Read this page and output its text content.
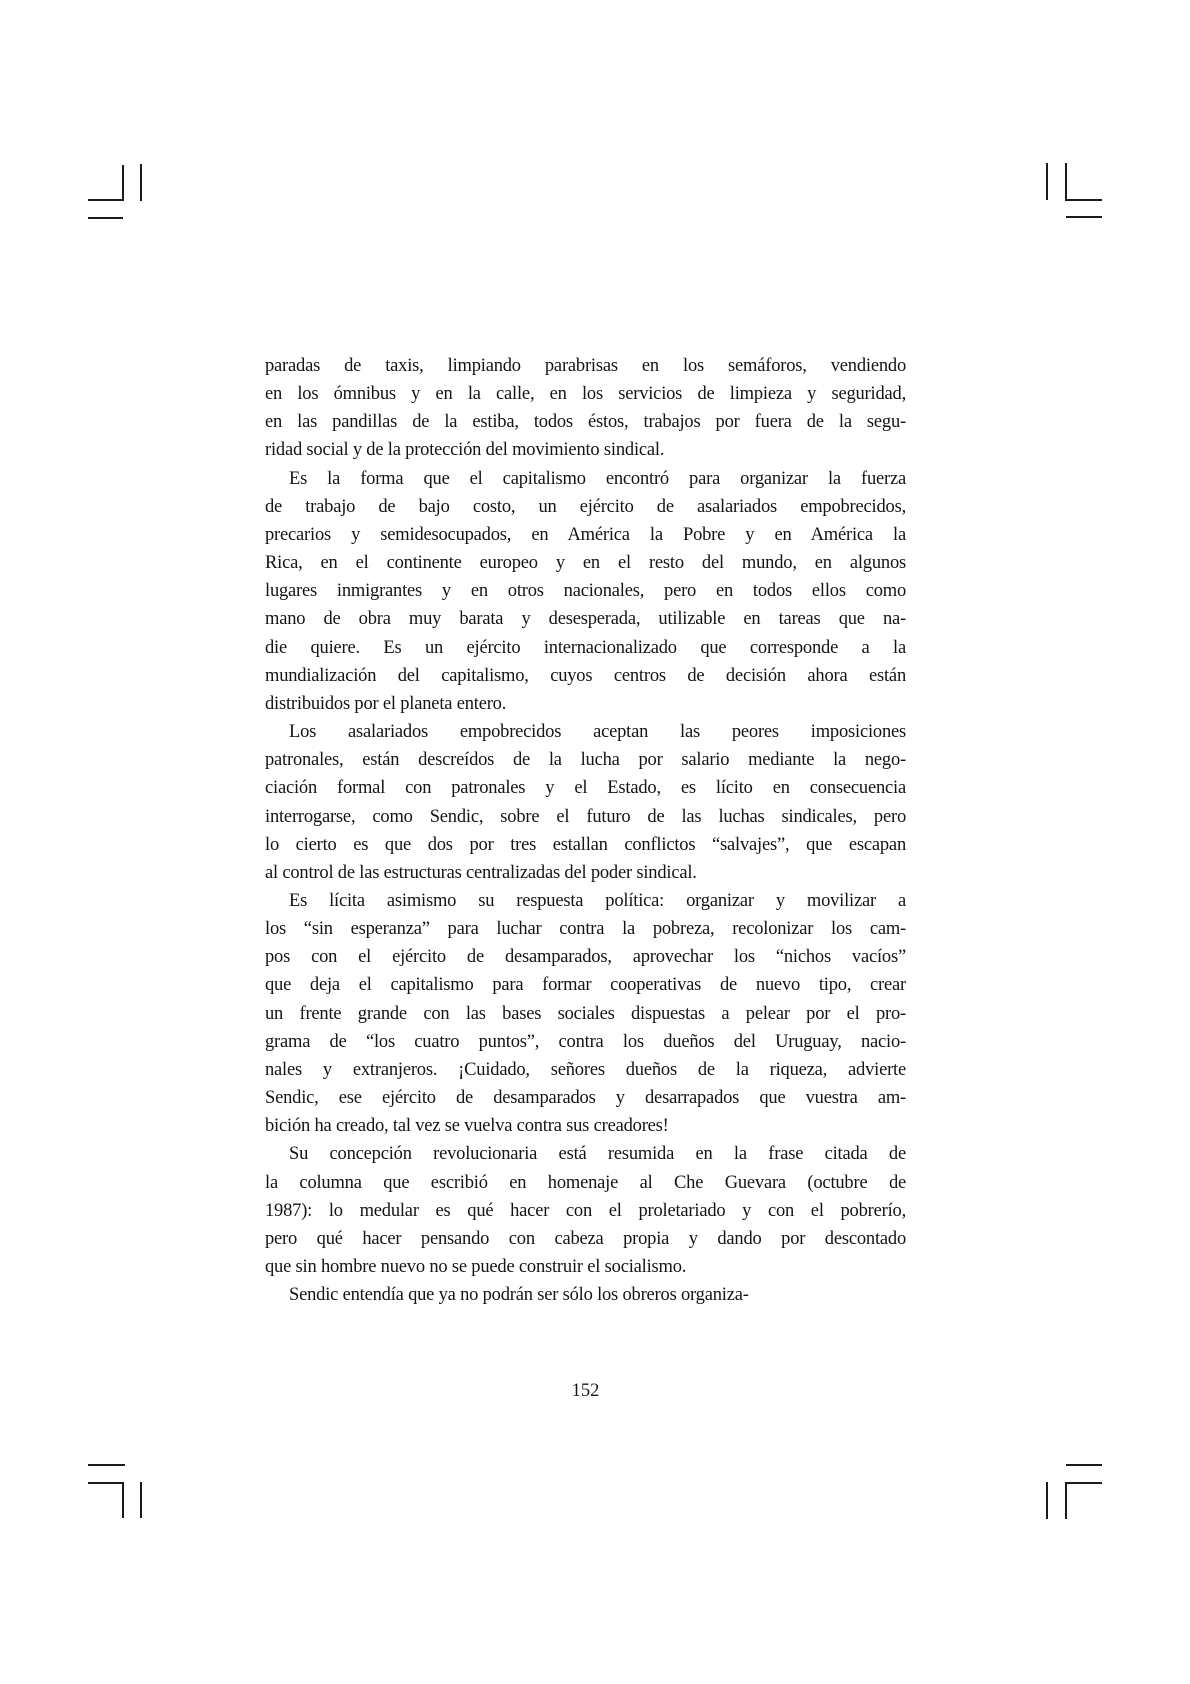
paradas de taxis, limpiando parabrisas en los semáforos, vendiendo
en los ómnibus y en la calle, en los servicios de limpieza y seguridad,
en las pandillas de la estiba, todos éstos, trabajos por fuera de la segu-
ridad social y de la protección del movimiento sindical.
Es la forma que el capitalismo encontró para organizar la fuerza
de trabajo de bajo costo, un ejército de asalariados empobrecidos,
precarios y semidesocupados, en América la Pobre y en América la
Rica, en el continente europeo y en el resto del mundo, en algunos
lugares inmigrantes y en otros nacionales, pero en todos ellos como
mano de obra muy barata y desesperada, utilizable en tareas que na-
die quiere. Es un ejército internacionalizado que corresponde a la
mundialización del capitalismo, cuyos centros de decisión ahora están
distribuidos por el planeta entero.
Los asalariados empobrecidos aceptan las peores imposiciones
patronales, están descreídos de la lucha por salario mediante la nego-
ciación formal con patronales y el Estado, es lícito en consecuencia
interrogarse, como Sendic, sobre el futuro de las luchas sindicales, pero
lo cierto es que dos por tres estallan conflictos “salvajes”, que escapan
al control de las estructuras centralizadas del poder sindical.
Es lícita asimismo su respuesta política: organizar y movilizar a
los “sin esperanza” para luchar contra la pobreza, recolonizar los cam-
pos con el ejército de desamparados, aprovechar los “nichos vacíos”
que deja el capitalismo para formar cooperativas de nuevo tipo, crear
un frente grande con las bases sociales dispuestas a pelear por el pro-
grama de “los cuatro puntos”, contra los dueños del Uruguay, nacio-
nales y extranjeros. ¡Cuidado, señores dueños de la riqueza, advierte
Sendic, ese ejército de desamparados y desarrapados que vuestra am-
bición ha creado, tal vez se vuelva contra sus creadores!
Su concepción revolucionaria está resumida en la frase citada de
la columna que escribió en homenaje al Che Guevara (octubre de
1987): lo medular es qué hacer con el proletariado y con el pobrerío,
pero qué hacer pensando con cabeza propia y dando por descontado
que sin hombre nuevo no se puede construir el socialismo.
Sendic entendía que ya no podrán ser sólo los obreros organiza-
152
